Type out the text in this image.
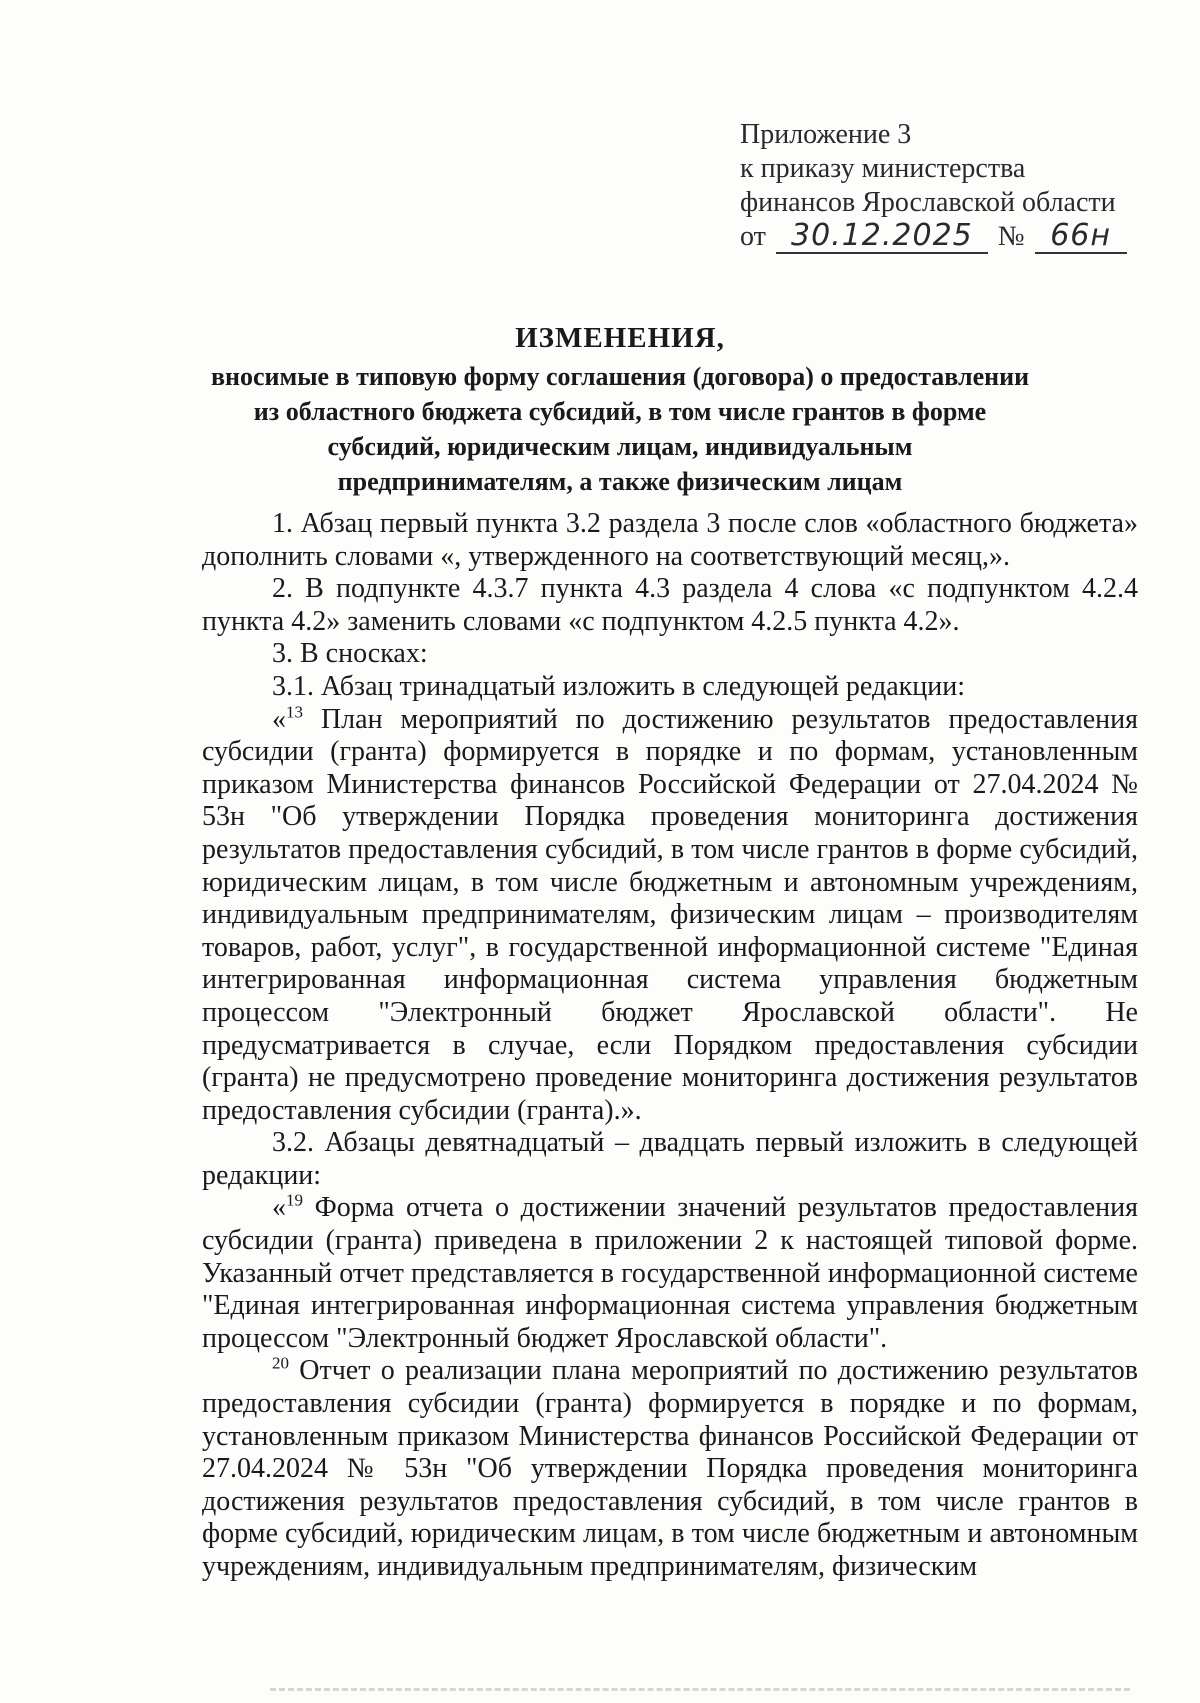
Приложение 3
к приказу министерства
финансов Ярославской области
от 30.12.2025 № 66н
ИЗМЕНЕНИЯ,
вносимые в типовую форму соглашения (договора) о предоставлении
из областного бюджета субсидий, в том числе грантов в форме
субсидий, юридическим лицам, индивидуальным
предпринимателям, а также физическим лицам

1. Абзац первый пункта 3.2 раздела 3 после слов «областного бюджета» дополнить словами «, утвержденного на соответствующий месяц,».

2. В подпункте 4.3.7 пункта 4.3 раздела 4 слова «с подпунктом 4.2.4 пункта 4.2» заменить словами «с подпунктом 4.2.5 пункта 4.2».

3. В сносках:

3.1. Абзац тринадцатый изложить в следующей редакции:

«$^{13}$ План мероприятий по достижению результатов предоставления субсидии (гранта) формируется в порядке и по формам, установленным приказом Министерства финансов Российской Федерации от 27.04.2024 № 53н "Об утверждении Порядка проведения мониторинга достижения результатов предоставления субсидий, в том числе грантов в форме субсидий, юридическим лицам, в том числе бюджетным и автономным учреждениям, индивидуальным предпринимателям, физическим лицам – производителям товаров, работ, услуг", в государственной информационной системе "Единая интегрированная информационная система управления бюджетным процессом "Электронный бюджет Ярославской области". Не предусматривается в случае, если Порядком предоставления субсидии (гранта) не предусмотрено проведение мониторинга достижения результатов предоставления субсидии (гранта).».

3.2. Абзацы девятнадцатый – двадцать первый изложить в следующей редакции:

«$^{19}$ Форма отчета о достижении значений результатов предоставления субсидии (гранта) приведена в приложении 2 к настоящей типовой форме. Указанный отчет представляется в государственной информационной системе "Единая интегрированная информационная система управления бюджетным процессом "Электронный бюджет Ярославской области".

$^{20}$ Отчет о реализации плана мероприятий по достижению результатов предоставления субсидии (гранта) формируется в порядке и по формам, установленным приказом Министерства финансов Российской Федерации от 27.04.2024 № 53н "Об утверждении Порядка проведения мониторинга достижения результатов предоставления субсидий, в том числе грантов в форме субсидий, юридическим лицам, в том числе бюджетным и автономным учреждениям, индивидуальным предпринимателям, физическим
